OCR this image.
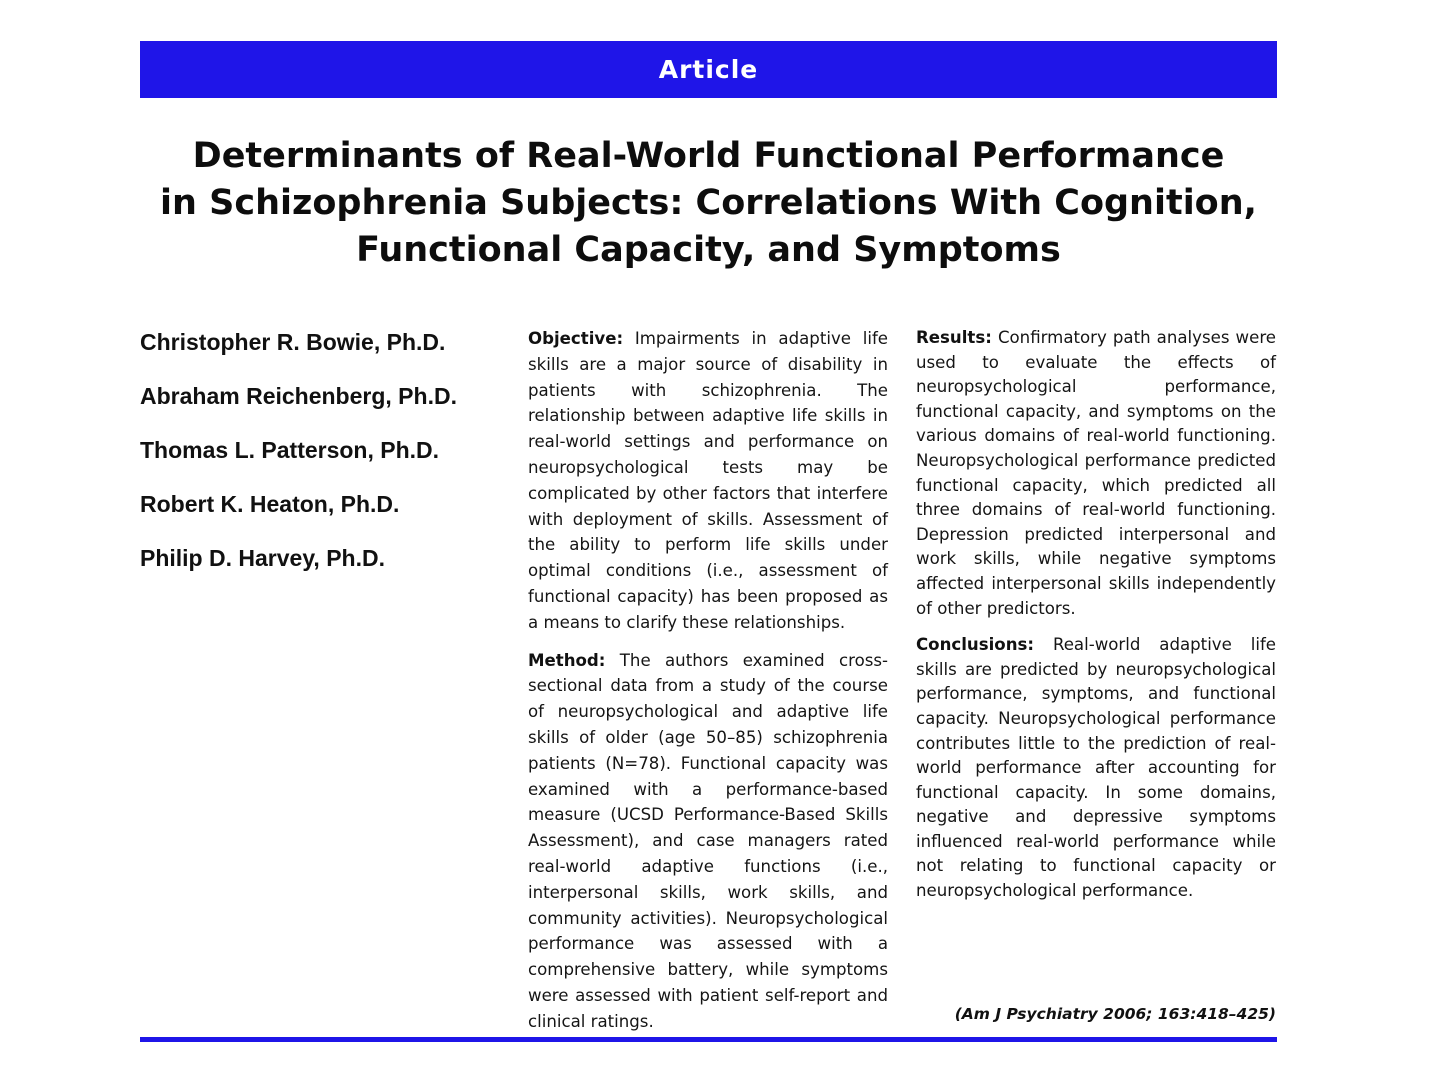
Article
Determinants of Real-World Functional Performance
in Schizophrenia Subjects: Correlations With Cognition,
Functional Capacity, and Symptoms
Christopher R. Bowie, Ph.D.
Abraham Reichenberg, Ph.D.
Thomas L. Patterson, Ph.D.
Robert K. Heaton, Ph.D.
Philip D. Harvey, Ph.D.

Objective: Impairments in adaptive life skills are a major source of disability in patients with schizophrenia. The relationship between adaptive life skills in real-world settings and performance on neuropsychological tests may be complicated by other factors that interfere with deployment of skills. Assessment of the ability to perform life skills under optimal conditions (i.e., assessment of functional capacity) has been proposed as a means to clarify these relationships.

Method: The authors examined cross-sectional data from a study of the course of neuropsychological and adaptive life skills of older (age 50–85) schizophrenia patients (N=78). Functional capacity was examined with a performance-based measure (UCSD Performance-Based Skills Assessment), and case managers rated real-world adaptive functions (i.e., interpersonal skills, work skills, and community activities). Neuropsychological performance was assessed with a comprehensive battery, while symptoms were assessed with patient self-report and clinical ratings.

Results: Confirmatory path analyses were used to evaluate the effects of neuropsychological performance, functional capacity, and symptoms on the various domains of real-world functioning. Neuropsychological performance predicted functional capacity, which predicted all three domains of real-world functioning. Depression predicted interpersonal and work skills, while negative symptoms affected interpersonal skills independently of other predictors.

Conclusions: Real-world adaptive life skills are predicted by neuropsychological performance, symptoms, and functional capacity. Neuropsychological performance contributes little to the prediction of real-world performance after accounting for functional capacity. In some domains, negative and depressive symptoms influenced real-world performance while not relating to functional capacity or neuropsychological performance.

(Am J Psychiatry 2006; 163:418–425)
